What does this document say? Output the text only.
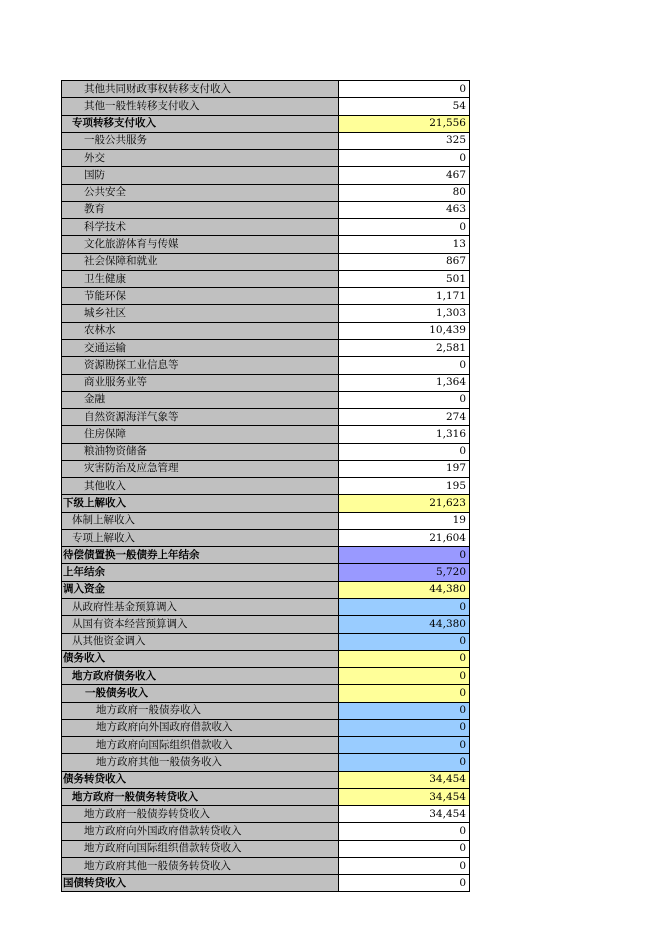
其他共同财政事权转移支付收入	0
其他一般性转移支付收入	54
专项转移支付收入	21,556
一般公共服务	325
外交	0
国防	467
公共安全	80
教育	463
科学技术	0
文化旅游体育与传媒	13
社会保障和就业	867
卫生健康	501
节能环保	1,171
城乡社区	1,303
农林水	10,439
交通运输	2,581
资源勘探工业信息等	0
商业服务业等	1,364
金融	0
自然资源海洋气象等	274
住房保障	1,316
粮油物资储备	0
灾害防治及应急管理	197
其他收入	195
下级上解收入	21,623
体制上解收入	19
专项上解收入	21,604
待偿债置换一般债券上年结余	0
上年结余	5,720
调入资金	44,380
从政府性基金预算调入	0
从国有资本经营预算调入	44,380
从其他资金调入	0
债务收入	0
地方政府债务收入	0
一般债务收入	0
地方政府一般债券收入	0
地方政府向外国政府借款收入	0
地方政府向国际组织借款收入	0
地方政府其他一般债务收入	0
债务转贷收入	34,454
地方政府一般债务转贷收入	34,454
地方政府一般债券转贷收入	34,454
地方政府向外国政府借款转贷收入	0
地方政府向国际组织借款转贷收入	0
地方政府其他一般债务转贷收入	0
国债转贷收入	0
